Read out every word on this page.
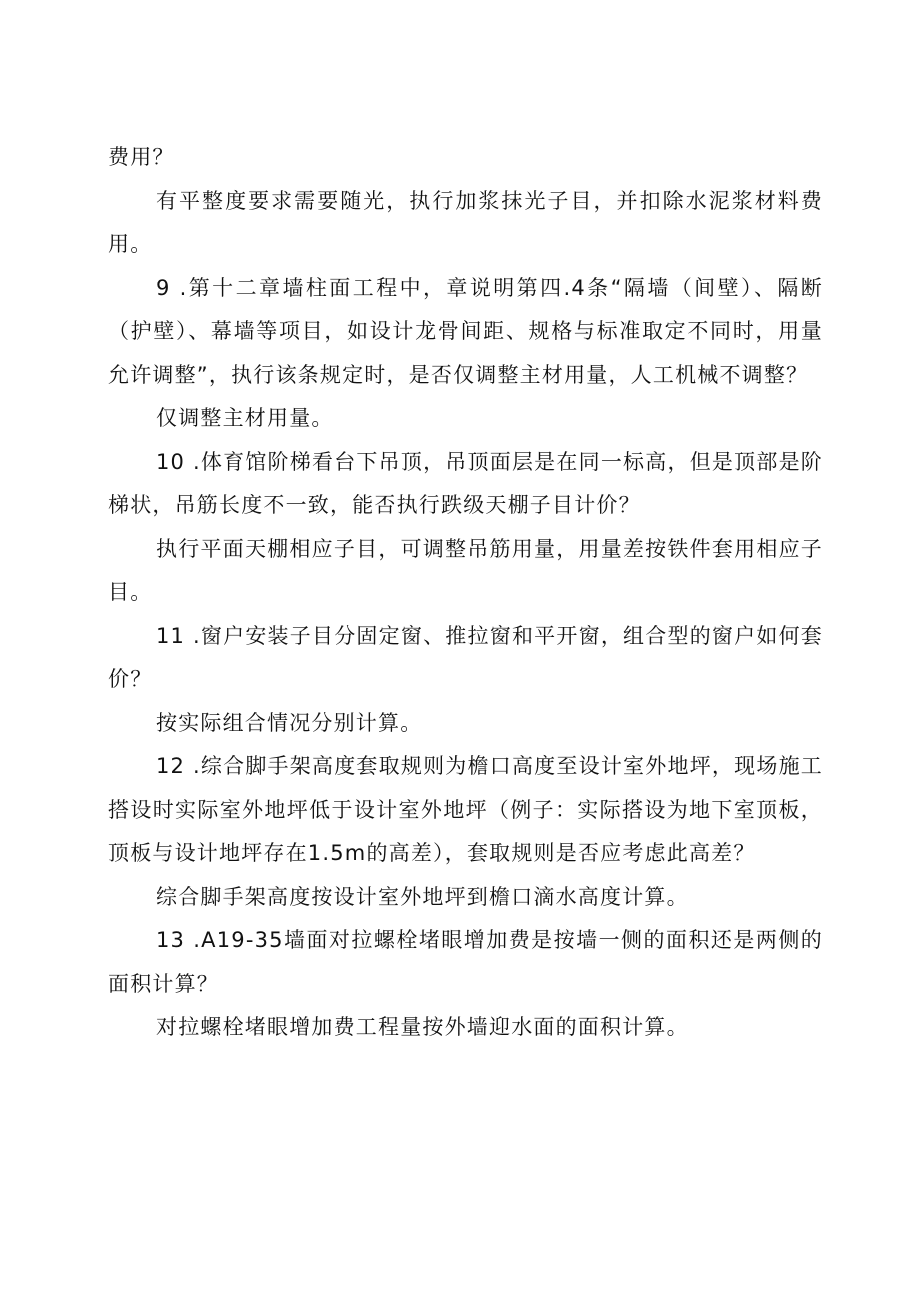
费用？

有平整度要求需要随光，执行加浆抹光子目，并扣除水泥浆材料费用。

9 .第十二章墙柱面工程中，章说明第四.4条“隔墙（间壁）、隔断（护壁）、幕墙等项目，如设计龙骨间距、规格与标准取定不同时，用量允许调整”，执行该条规定时，是否仅调整主材用量，人工机械不调整？

仅调整主材用量。

10 .体育馆阶梯看台下吊顶，吊顶面层是在同一标高，但是顶部是阶梯状，吊筋长度不一致，能否执行跌级天棚子目计价？

执行平面天棚相应子目，可调整吊筋用量，用量差按铁件套用相应子目。

11 .窗户安装子目分固定窗、推拉窗和平开窗，组合型的窗户如何套价？

按实际组合情况分别计算。

12 .综合脚手架高度套取规则为檐口高度至设计室外地坪，现场施工搭设时实际室外地坪低于设计室外地坪（例子：实际搭设为地下室顶板，顶板与设计地坪存在1.5m的高差），套取规则是否应考虑此高差？

综合脚手架高度按设计室外地坪到檐口滴水高度计算。

13 .A19-35墙面对拉螺栓堵眼增加费是按墙一侧的面积还是两侧的面积计算？

对拉螺栓堵眼增加费工程量按外墙迎水面的面积计算。
